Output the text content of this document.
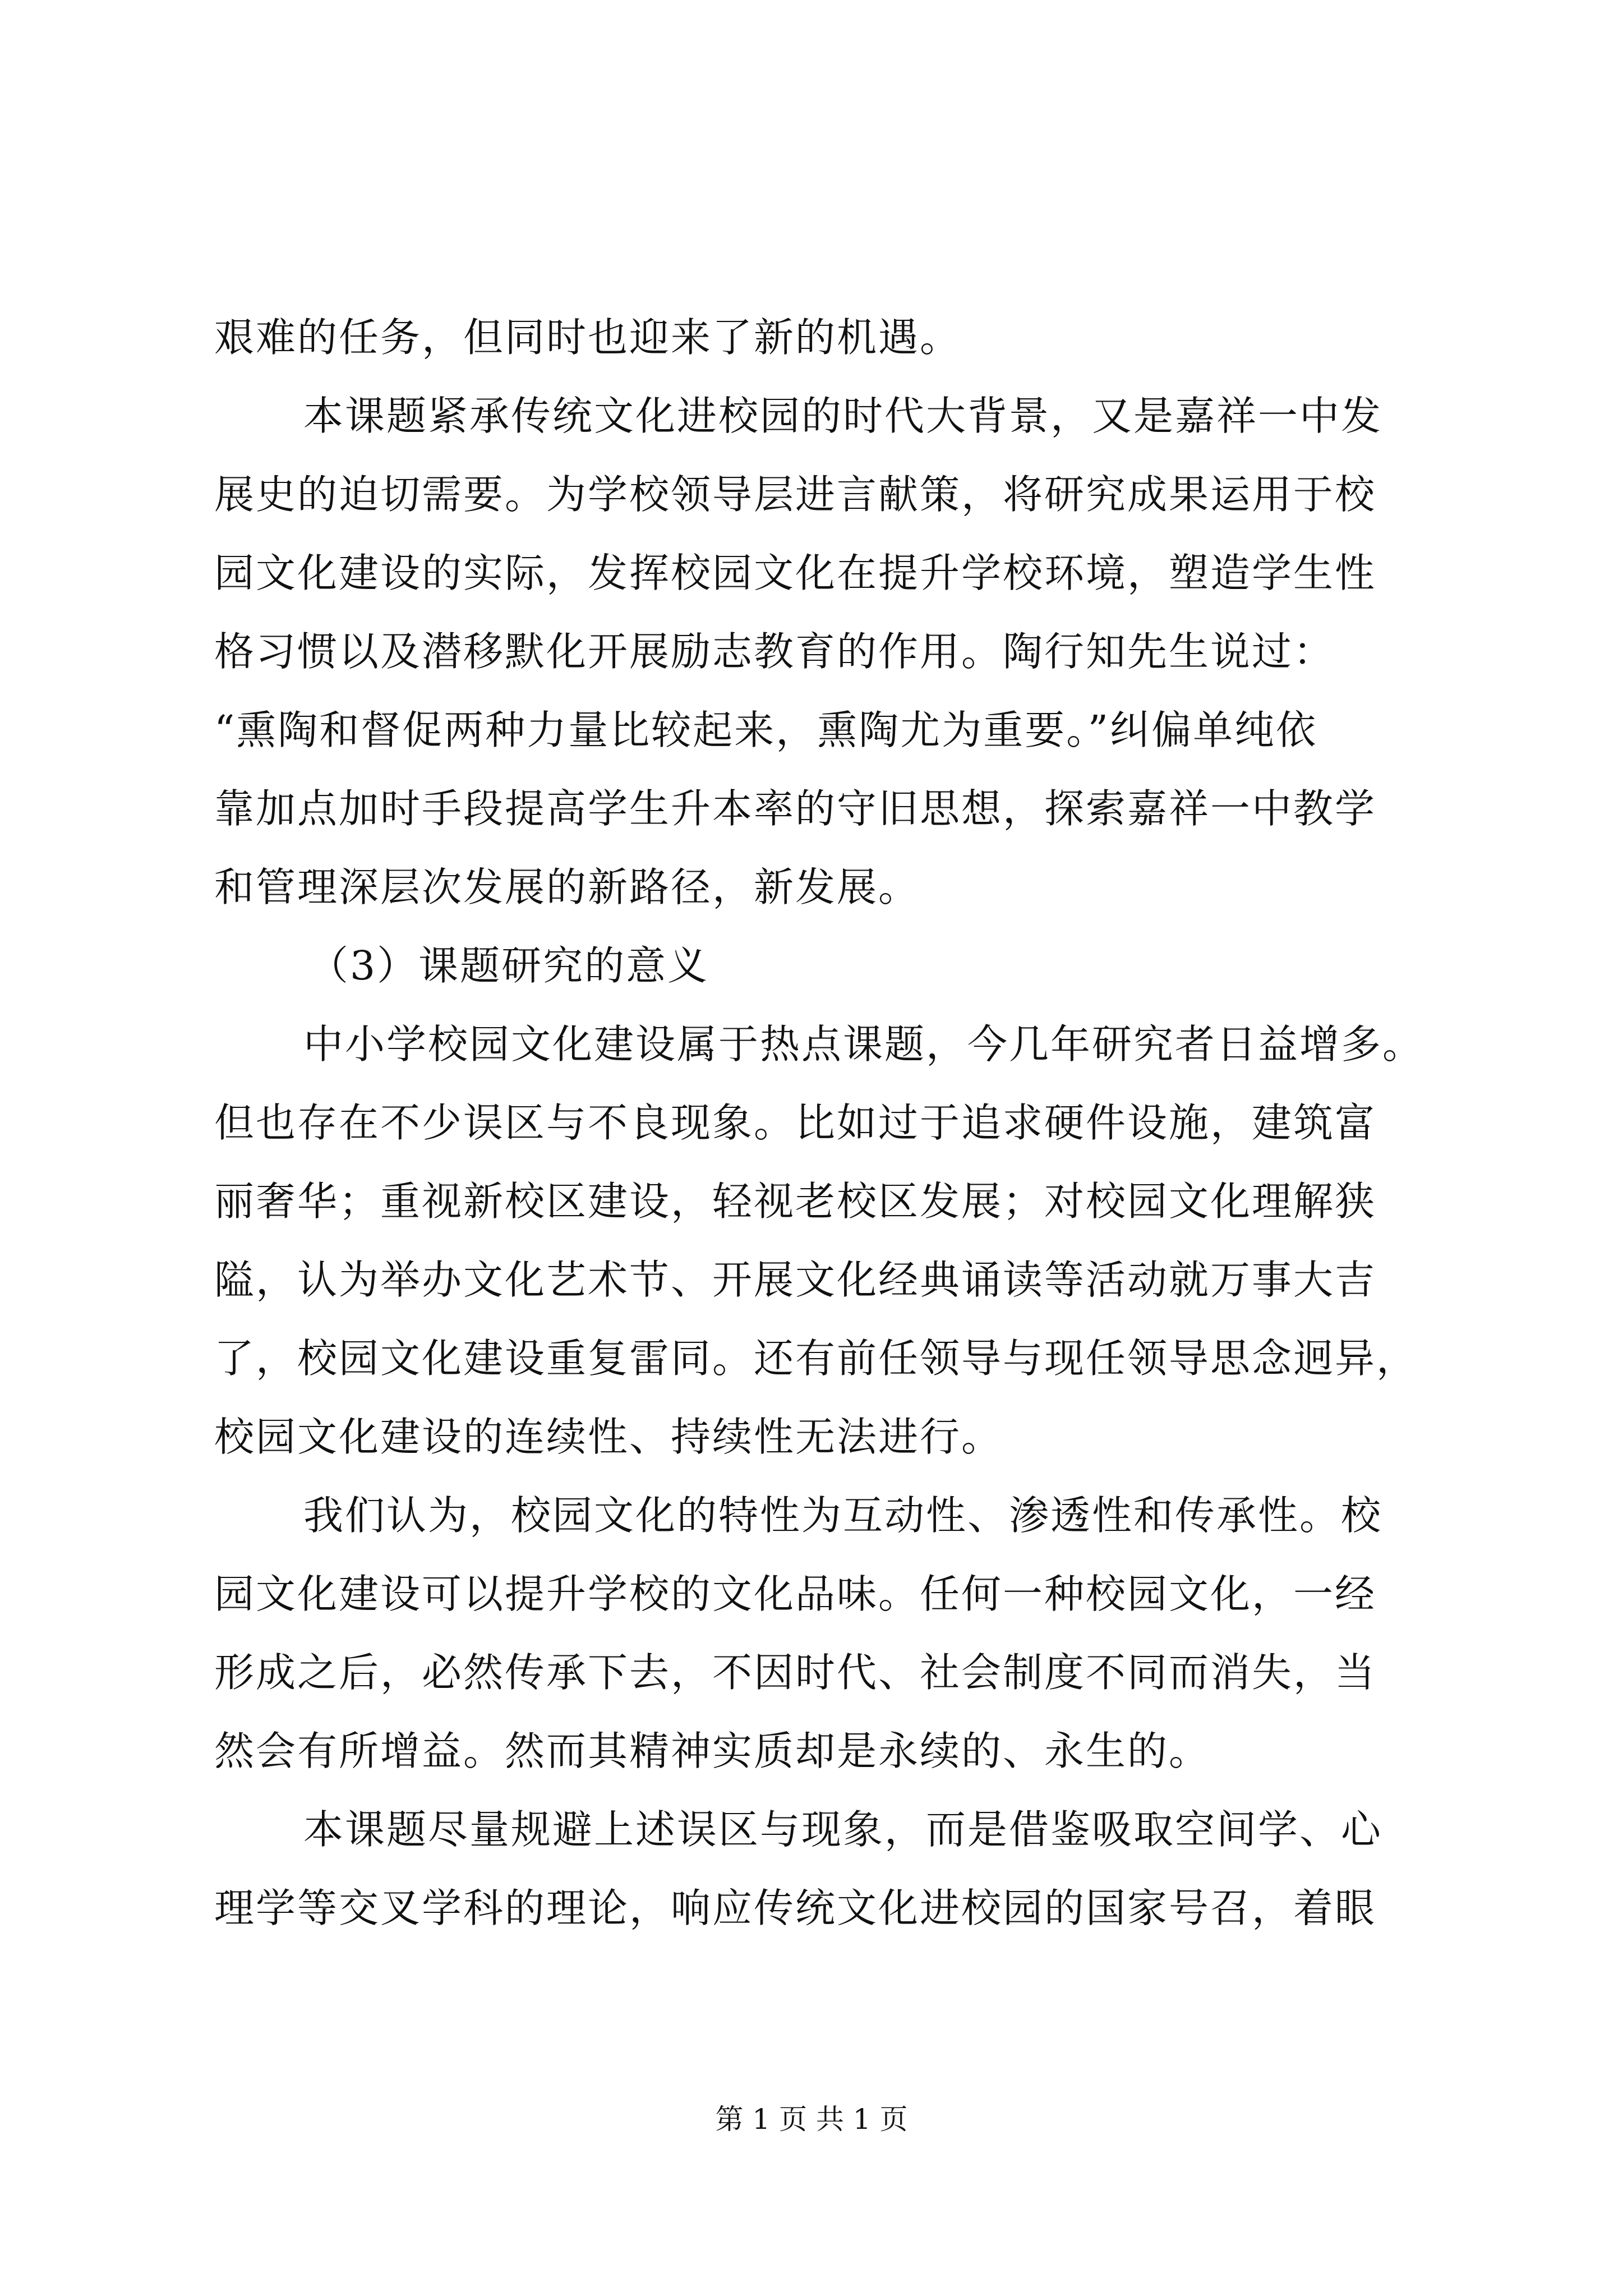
艰难的任务，但同时也迎来了新的机遇。
本课题紧承传统文化进校园的时代大背景，又是嘉祥一中发
展史的迫切需要。为学校领导层进言献策，将研究成果运用于校
园文化建设的实际，发挥校园文化在提升学校环境，塑造学生性
格习惯以及潜移默化开展励志教育的作用。陶行知先生说过：
“熏陶和督促两种力量比较起来，熏陶尤为重要。”纠偏单纯依
靠加点加时手段提高学生升本率的守旧思想，探索嘉祥一中教学
和管理深层次发展的新路径，新发展。
（3）课题研究的意义
中小学校园文化建设属于热点课题，今几年研究者日益增多。
但也存在不少误区与不良现象。比如过于追求硬件设施，建筑富
丽奢华；重视新校区建设，轻视老校区发展；对校园文化理解狭
隘，认为举办文化艺术节、开展文化经典诵读等活动就万事大吉
了，校园文化建设重复雷同。还有前任领导与现任领导思念迥异，
校园文化建设的连续性、持续性无法进行。
我们认为，校园文化的特性为互动性、渗透性和传承性。校
园文化建设可以提升学校的文化品味。任何一种校园文化，一经
形成之后，必然传承下去，不因时代、社会制度不同而消失，当
然会有所增益。然而其精神实质却是永续的、永生的。
本课题尽量规避上述误区与现象，而是借鉴吸取空间学、心
理学等交叉学科的理论，响应传统文化进校园的国家号召，着眼
第 1 页 共 1 页
